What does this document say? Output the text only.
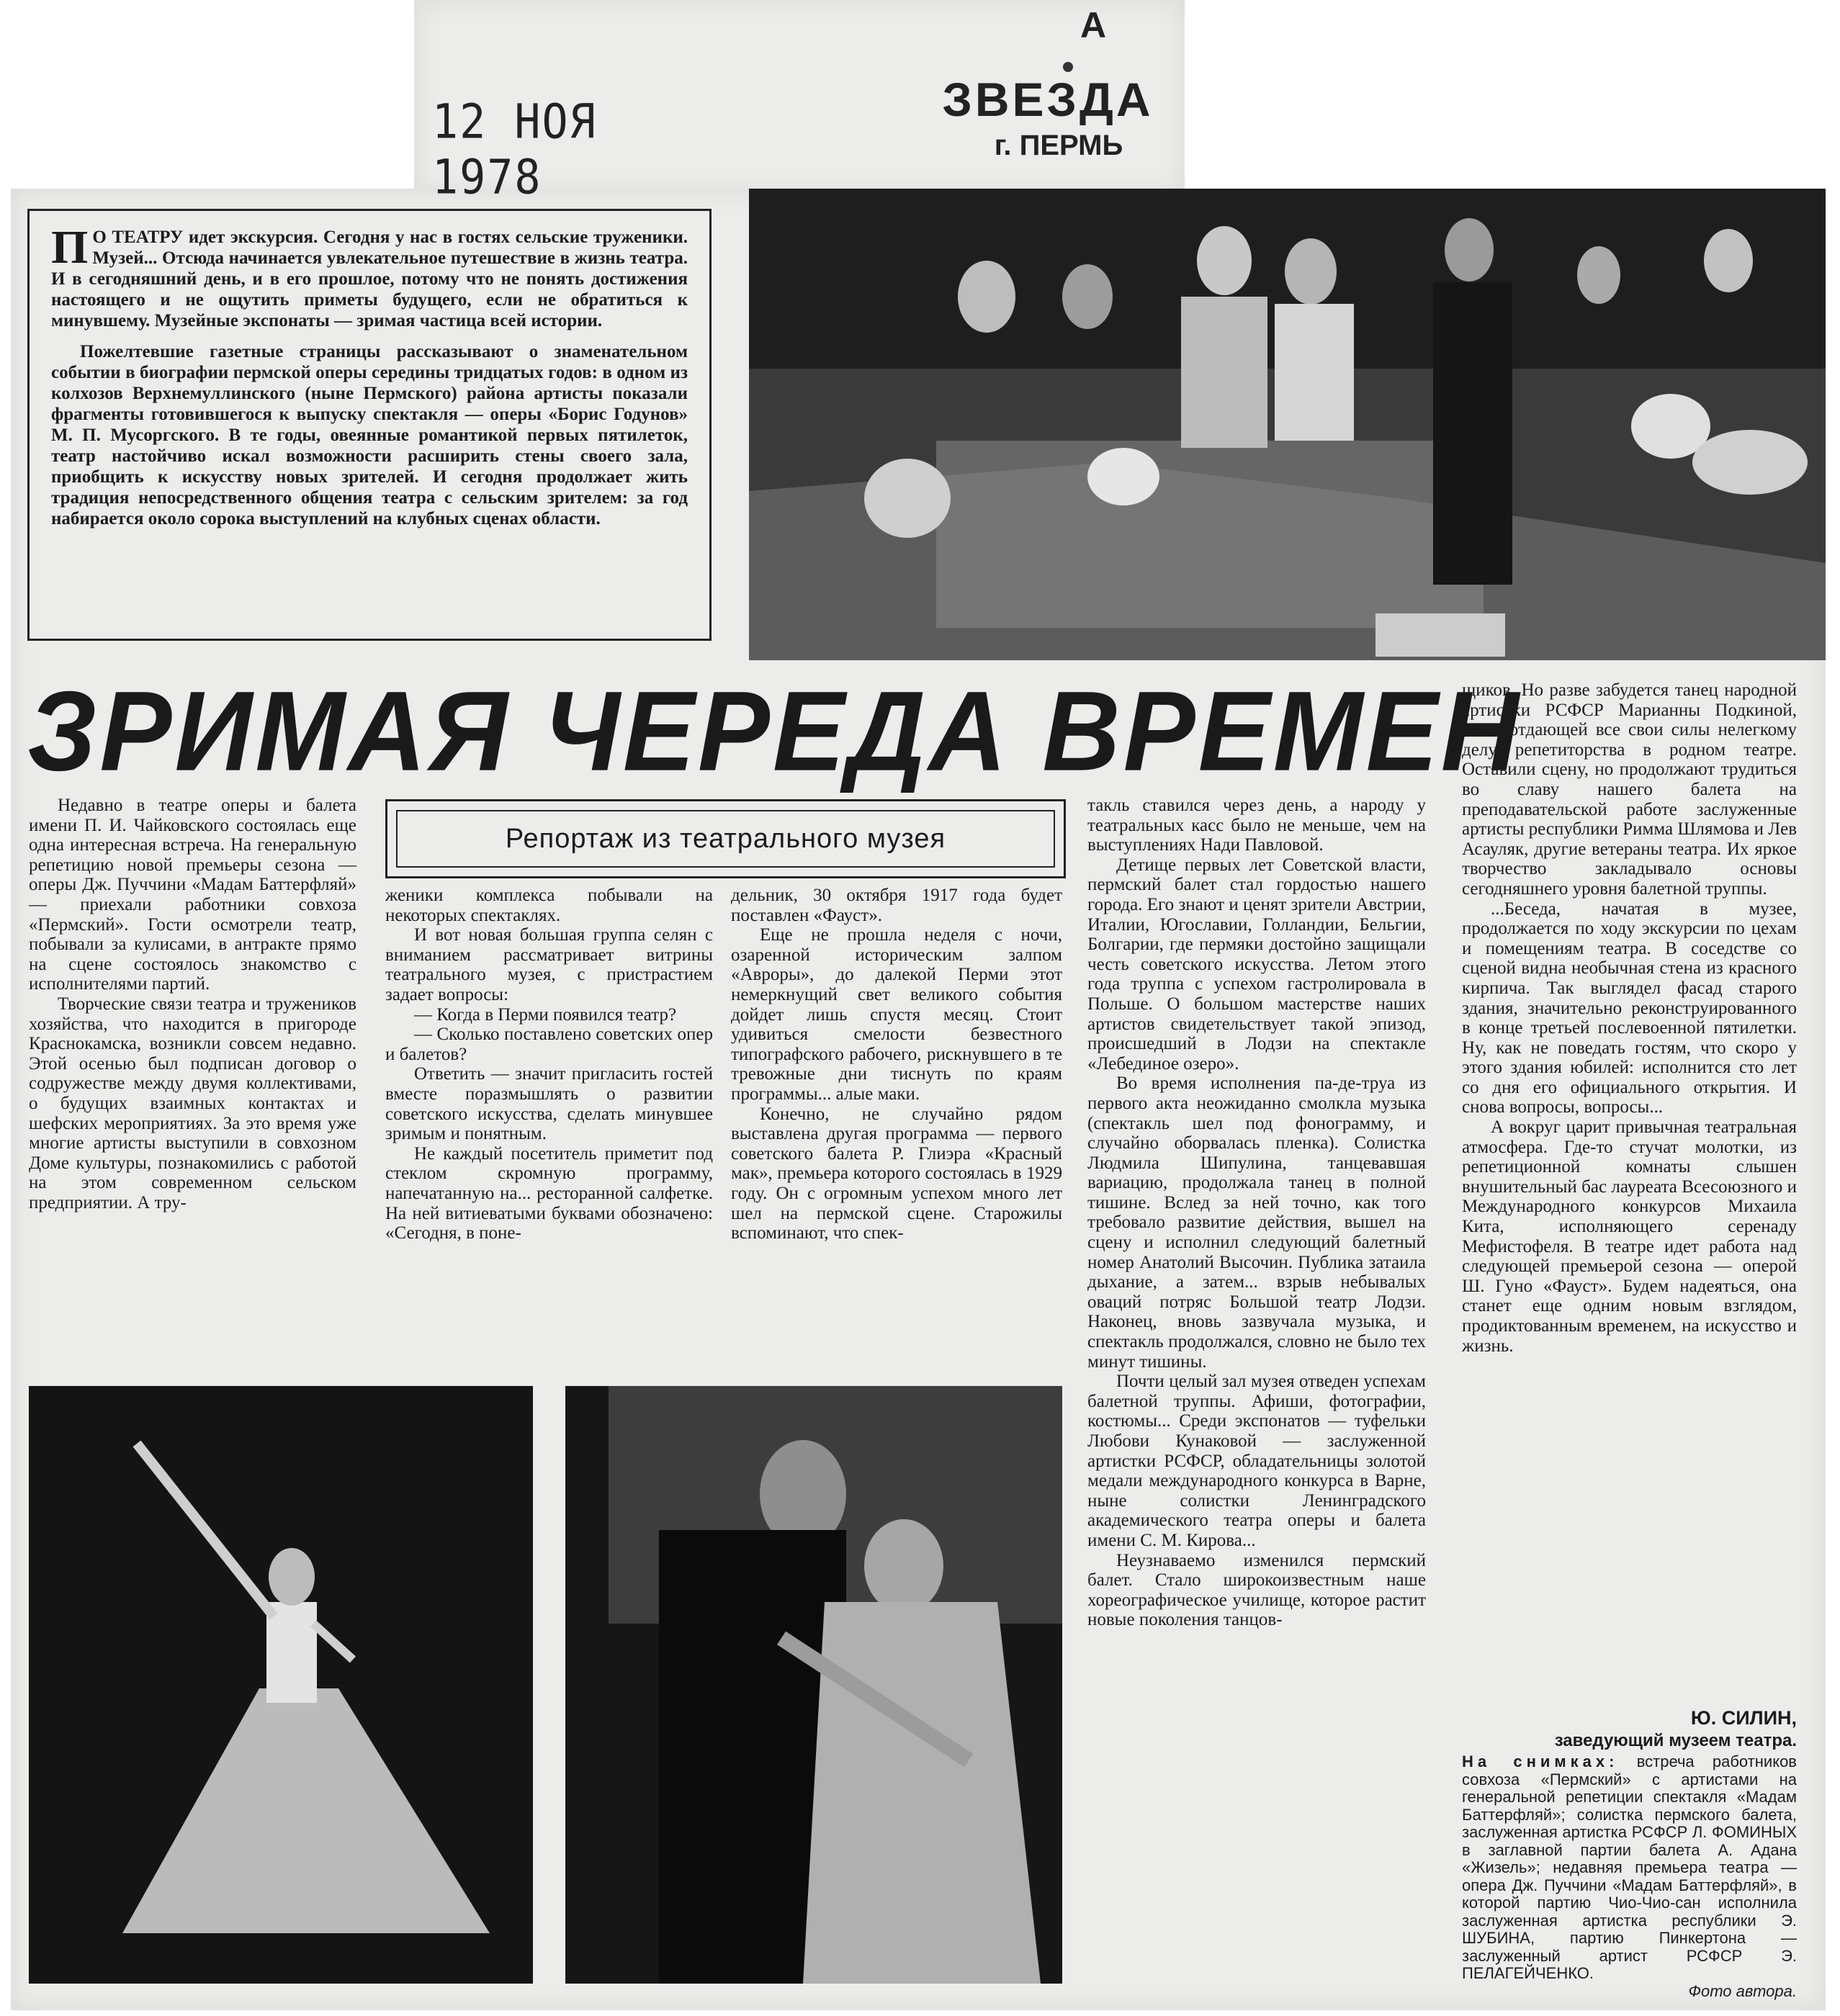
12 НОЯ 1978
А
ЗВЕЗДА
г. ПЕРМЬ

П О ТЕАТРУ идет экскурсия. Сегодня у нас в гостях сельские труженики. Музей... Отсюда начинается увлекательное путешествие в жизнь театра. И в сегодняшний день, и в его прошлое, потому что не понять достижения настоящего и не ощутить приметы будущего, если не обратиться к минувшему. Музейные экспонаты — зримая частица всей истории.

Пожелтевшие газетные страницы рассказывают о знаменательном событии в биографии пермской оперы середины тридцатых годов: в одном из колхозов Верхнемуллинского (ныне Пермского) района артисты показали фрагменты готовившегося к выпуску спектакля — оперы «Борис Годунов» М. П. Мусоргского. В те годы, овеянные романтикой первых пятилеток, театр настойчиво искал возможности расширить стены своего зала, приобщить к искусству новых зрителей. И сегодня продолжает жить традиция непосредственного общения театра с сельским зрителем: за год набирается около сорока выступлений на клубных сценах области.

ЗРИМАЯ ЧЕРЕДА ВРЕМЕН
Репортаж из театрального музея

Недавно в театре оперы и балета имени П. И. Чайковского состоялась еще одна интересная встреча. На генеральную репетицию новой премьеры сезона — оперы Дж. Пуччини «Мадам Баттерфляй» — приехали работники совхоза «Пермский». Гости осмотрели театр, побывали за кулисами, в антракте прямо на сцене состоялось знакомство с исполнителями партий.

Творческие связи театра и тружеников хозяйства, что находится в пригороде Краснокамска, возникли совсем недавно. Этой осенью был подписан договор о содружестве между двумя коллективами, о будущих взаимных контактах и шефских мероприятиях. За это время уже многие артисты выступили в совхозном Доме культуры, познакомились с работой на этом современном сельском предприятии. А тру-

женики комплекса побывали на некоторых спектаклях.

И вот новая большая группа селян с вниманием рассматривает витрины театрального музея, с пристрастием задает вопросы:

— Когда в Перми появился театр?

— Сколько поставлено советских опер и балетов?

Ответить — значит пригласить гостей вместе поразмышлять о развитии советского искусства, сделать минувшее зримым и понятным.

Не каждый посетитель приметит под стеклом скромную программу, напечатанную на... ресторанной салфетке. На ней витиеватыми буквами обозначено: «Сегодня, в поне-

дельник, 30 октября 1917 года будет поставлен «Фауст».

Еще не прошла неделя с ночи, озаренной историческим залпом «Авроры», до далекой Перми этот немеркнущий свет великого события дойдет лишь спустя месяц. Стоит удивиться смелости безвестного типографского рабочего, рискнувшего в те тревожные дни тиснуть по краям программы... алые маки.

Конечно, не случайно рядом выставлена другая программа — первого советского балета Р. Глиэра «Красный мак», премьера которого состоялась в 1929 году. Он с огромным успехом много лет шел на пермской сцене. Старожилы вспоминают, что спек-

такль ставился через день, а народу у театральных касс было не меньше, чем на выступлениях Нади Павловой.

Детище первых лет Советской власти, пермский балет стал гордостью нашего города. Его знают и ценят зрители Австрии, Италии, Югославии, Голландии, Бельгии, Болгарии, где пермяки достойно защищали честь советского искусства. Летом этого года труппа с успехом гастролировала в Польше. О большом мастерстве наших артистов свидетельствует такой эпизод, происшедший в Лодзи на спектакле «Лебединое озеро».

Во время исполнения па-де-труа из первого акта неожиданно смолкла музыка (спектакль шел под фонограмму, и случайно оборвалась пленка). Солистка Людмила Шипулина, танцевавшая вариацию, продолжала танец в полной тишине. Вслед за ней точно, как того требовало развитие действия, вышел на сцену и исполнил следующий балетный номер Анатолий Высочин. Публика затаила дыхание, а затем... взрыв небывалых оваций потряс Большой театр Лодзи. Наконец, вновь зазвучала музыка, и спектакль продолжался, словно не было тех минут тишины.

Почти целый зал музея отведен успехам балетной труппы. Афиши, фотографии, костюмы... Среди экспонатов — туфельки Любови Кунаковой — заслуженной артистки РСФСР, обладательницы золотой медали международного конкурса в Варне, ныне солистки Ленинградского академического театра оперы и балета имени С. М. Кирова...

Неузнаваемо изменился пермский балет. Стало широкоизвестным наше хореографическое училище, которое растит новые поколения танцов-

щиков. Но разве забудется танец народной артистки РСФСР Марианны Подкиной, ныне отдающей все свои силы нелегкому делу репетиторства в родном театре. Оставили сцену, но продолжают трудиться во славу нашего балета на преподавательской работе заслуженные артисты республики Римма Шлямова и Лев Асауляк, другие ветераны театра. Их яркое творчество закладывало основы сегодняшнего уровня балетной труппы.

...Беседа, начатая в музее, продолжается по ходу экскурсии по цехам и помещениям театра. В соседстве со сценой видна необычная стена из красного кирпича. Так выглядел фасад старого здания, значительно реконструированного в конце третьей послевоенной пятилетки. Ну, как не поведать гостям, что скоро у этого здания юбилей: исполнится сто лет со дня его официального открытия. И снова вопросы, вопросы...

А вокруг царит привычная театральная атмосфера. Где-то стучат молотки, из репетиционной комнаты слышен внушительный бас лауреата Всесоюзного и Международного конкурсов Михаила Кита, исполняющего серенаду Мефистофеля. В театре идет работа над следующей премьерой сезона — оперой Ш. Гуно «Фауст». Будем надеяться, она станет еще одним новым взглядом, продиктованным временем, на искусство и жизнь.

Ю. СИЛИН,
заведующий музеем театра.
На снимках: встреча работников совхоза «Пермский» с артистами на генеральной репетиции спектакля «Мадам Баттерфляй»; солистка пермского балета, заслуженная артистка РСФСР Л. ФОМИНЫХ в заглавной партии балета А. Адана «Жизель»; недавняя премьера театра — опера Дж. Пуччини «Мадам Баттерфляй», в которой партию Чио-Чио-сан исполнила заслуженная артистка республики Э. ШУБИНА, партию Пинкертона — заслуженный артист РСФСР Э. ПЕЛАГЕЙЧЕНКО.
Фото автора.
